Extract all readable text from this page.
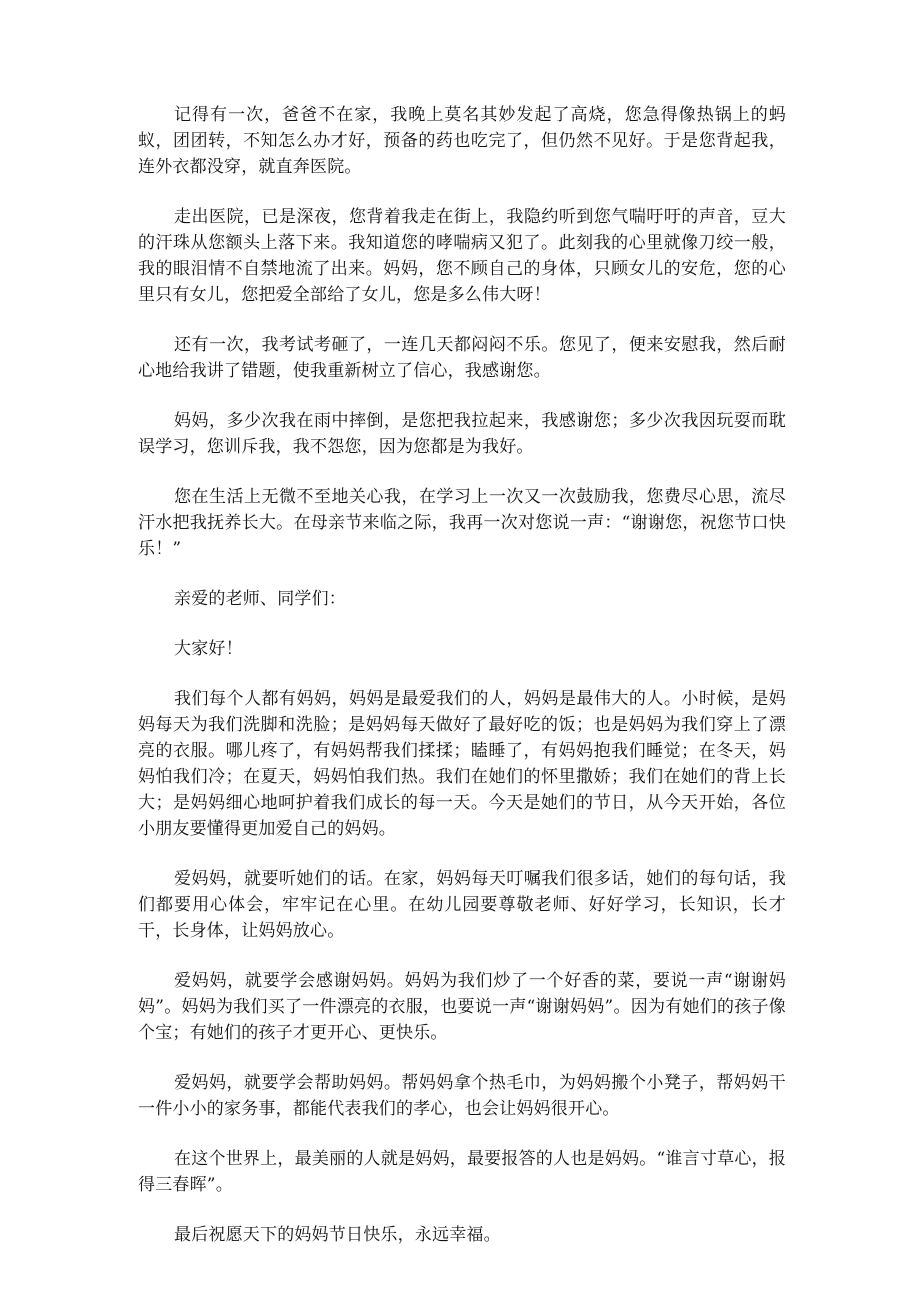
记得有一次，爸爸不在家，我晚上莫名其妙发起了高烧，您急得像热锅上的蚂蚁，团团转，不知怎么办才好，预备的药也吃完了，但仍然不见好。于是您背起我，连外衣都没穿，就直奔医院。

走出医院，已是深夜，您背着我走在街上，我隐约听到您气喘吁吁的声音，豆大的汗珠从您额头上落下来。我知道您的哮喘病又犯了。此刻我的心里就像刀绞一般，我的眼泪情不自禁地流了出来。妈妈，您不顾自己的身体，只顾女儿的安危，您的心里只有女儿，您把爱全部给了女儿，您是多么伟大呀！

还有一次，我考试考砸了，一连几天都闷闷不乐。您见了，便来安慰我，然后耐心地给我讲了错题，使我重新树立了信心，我感谢您。

妈妈，多少次我在雨中摔倒，是您把我拉起来，我感谢您；多少次我因玩耍而耽误学习，您训斥我，我不怨您，因为您都是为我好。

您在生活上无微不至地关心我，在学习上一次又一次鼓励我，您费尽心思，流尽汗水把我抚养长大。在母亲节来临之际，我再一次对您说一声：“谢谢您，祝您节口快乐！”

亲爱的老师、同学们：

大家好！

我们每个人都有妈妈，妈妈是最爱我们的人，妈妈是最伟大的人。小时候，是妈妈每天为我们洗脚和洗脸；是妈妈每天做好了最好吃的饭；也是妈妈为我们穿上了漂亮的衣服。哪儿疼了，有妈妈帮我们揉揉；瞌睡了，有妈妈抱我们睡觉；在冬天，妈妈怕我们冷；在夏天，妈妈怕我们热。我们在她们的怀里撒娇；我们在她们的背上长大；是妈妈细心地呵护着我们成长的每一天。今天是她们的节日，从今天开始，各位小朋友要懂得更加爱自己的妈妈。

爱妈妈，就要听她们的话。在家，妈妈每天叮嘱我们很多话，她们的每句话，我们都要用心体会，牢牢记在心里。在幼儿园要尊敬老师、好好学习，长知识，长才干，长身体，让妈妈放心。

爱妈妈，就要学会感谢妈妈。妈妈为我们炒了一个好香的菜，要说一声“谢谢妈妈”。妈妈为我们买了一件漂亮的衣服，也要说一声“谢谢妈妈”。因为有她们的孩子像个宝；有她们的孩子才更开心、更快乐。

爱妈妈，就要学会帮助妈妈。帮妈妈拿个热毛巾，为妈妈搬个小凳子，帮妈妈干一件小小的家务事，都能代表我们的孝心，也会让妈妈很开心。

在这个世界上，最美丽的人就是妈妈，最要报答的人也是妈妈。“谁言寸草心，报得三春晖”。

最后祝愿天下的妈妈节日快乐，永远幸福。
